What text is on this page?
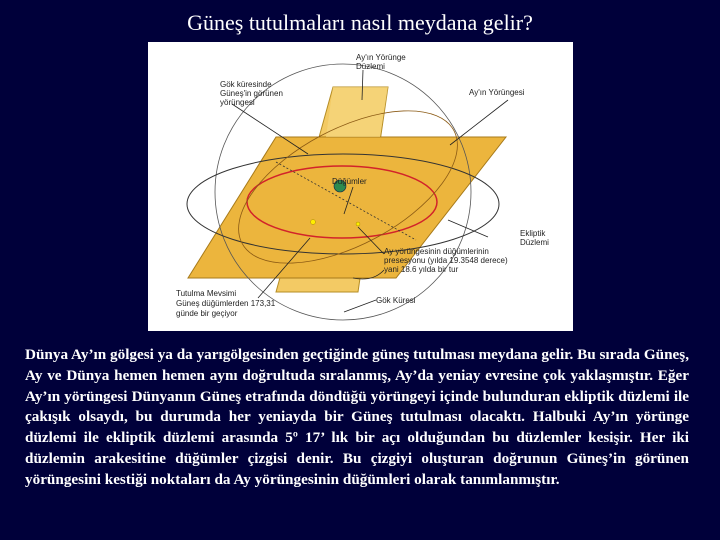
Güneş tutulmaları nasıl meydana gelir?
Ay'ın Yörünge
Düzlemi
Gök küresinde
Güneş'in görünen
yörüngesi
Ay'ın Yörüngesi
Düğümler
Ekliptik
Düzlemi
Ay yörüngesinin düğümlerinin
presesyonu (yılda 19.3548 derece)
yani 18.6 yılda bir tur
Tutulma Mevsimi
Güneş düğümlerden 173,31
günde bir geçiyor
Gök Küresi

Dünya Ay’ın gölgesi ya da yarıgölgesinden geçtiğinde güneş tutulması meydana gelir. Bu sırada Güneş, Ay ve Dünya hemen hemen aynı doğrultuda sıralanmış, Ay’da yeniay evresine çok yaklaşmıştır. Eğer Ay’ın yörüngesi Dünyanın Güneş etrafında döndüğü yörüngeyi içinde bulunduran ekliptik düzlemi ile çakışık olsaydı, bu durumda her yeniayda bir Güneş tutulması olacaktı. Halbuki Ay’ın yörünge düzlemi ile ekliptik düzlemi arasında 5º 17’ lık bir açı olduğundan bu düzlemler kesişir. Her iki düzlemin arakesitine düğümler çizgisi denir. Bu çizgiyi oluşturan doğrunun Güneş’in görünen yörüngesini kestiği noktaları da Ay yörüngesinin düğümleri olarak tanımlanmıştır.
